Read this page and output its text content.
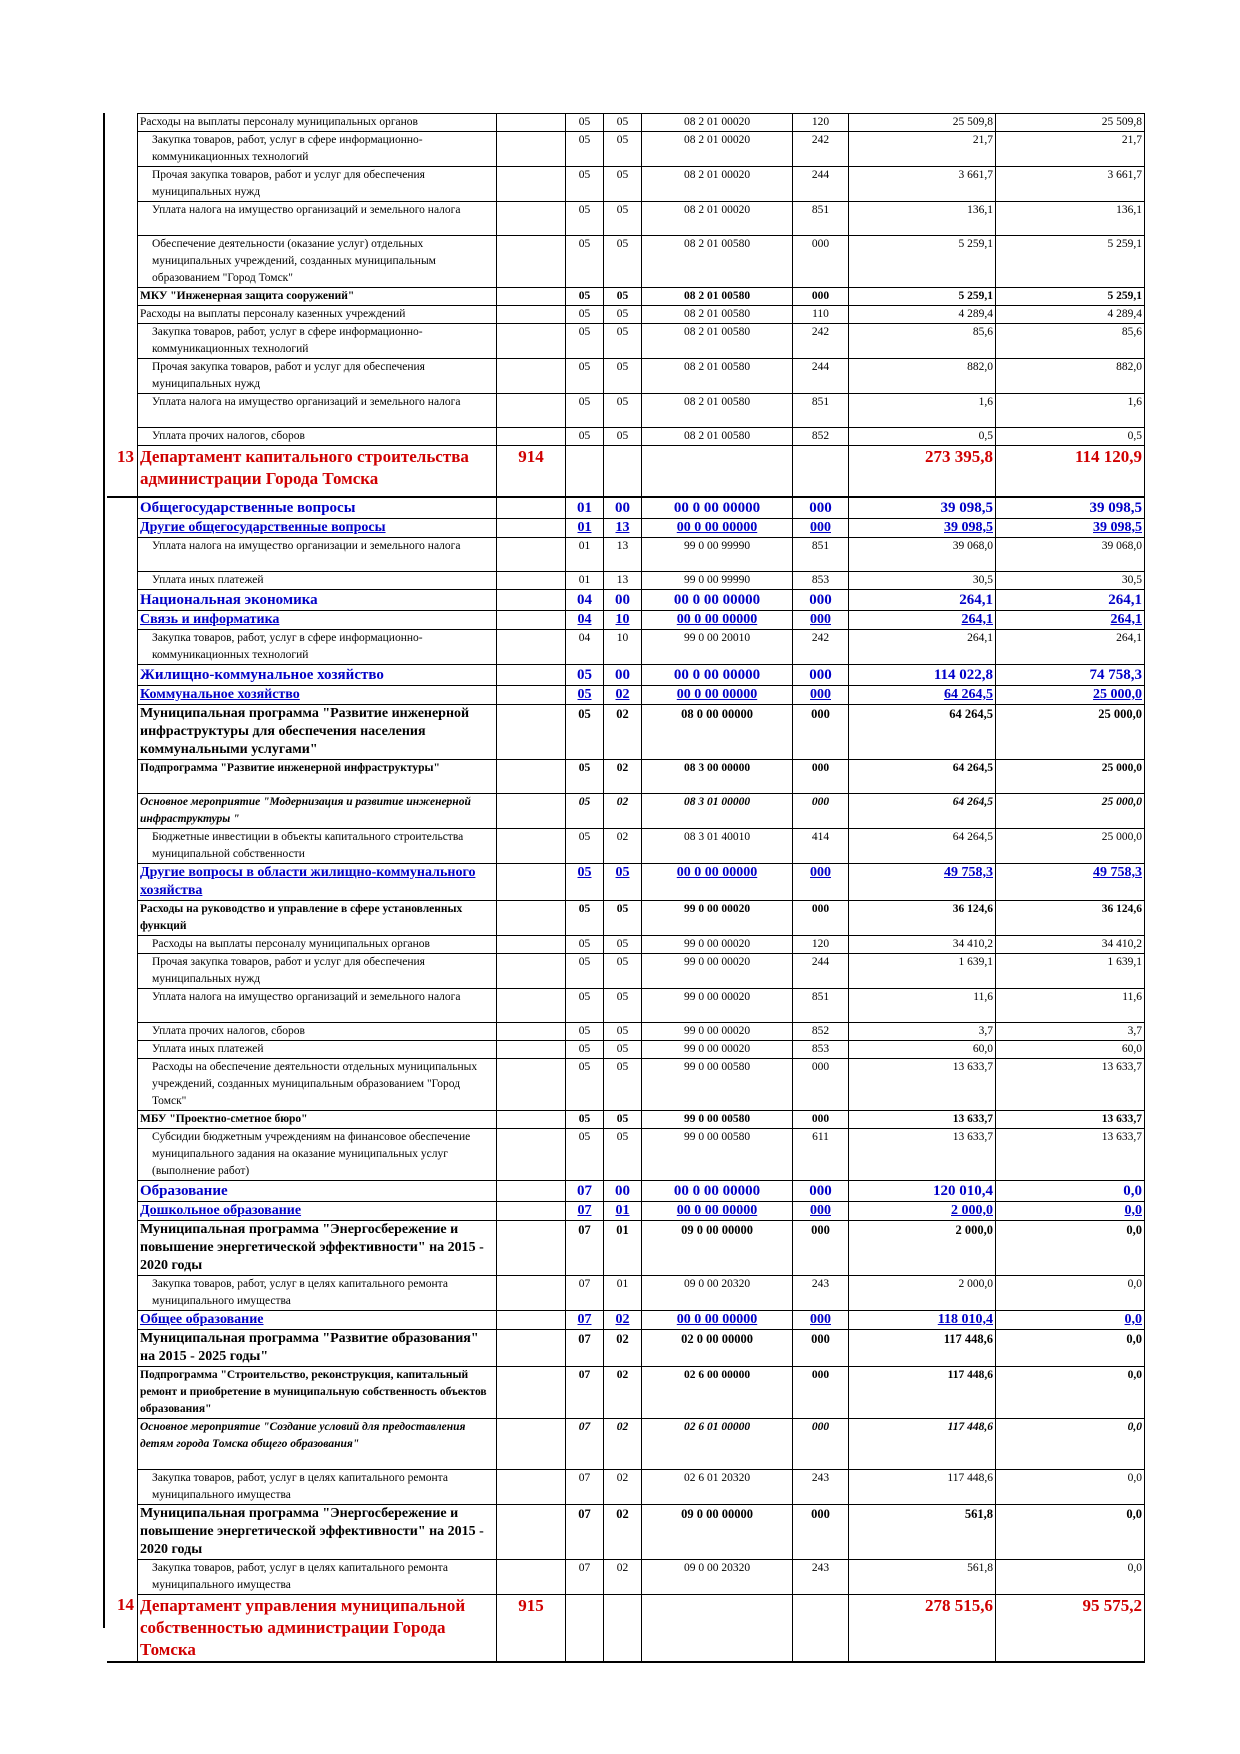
	Расходы на выплаты персоналу муниципальных органов		05	05	08 2 01 00020	120	25 509,8	25 509,8
	Закупка товаров, работ, услуг в сфере информационно-коммуникационных технологий		05	05	08 2 01 00020	242	21,7	21,7
	Прочая закупка товаров, работ и услуг для обеспечения муниципальных нужд		05	05	08 2 01 00020	244	3 661,7	3 661,7
	Уплата налога на имущество организаций и земельного налога		05	05	08 2 01 00020	851	136,1	136,1
	Обеспечение деятельности (оказание услуг) отдельных муниципальных учреждений, созданных муниципальным образованием "Город Томск"		05	05	08 2 01 00580	000	5 259,1	5 259,1
	МКУ "Инженерная защита сооружений"		05	05	08 2 01 00580	000	5 259,1	5 259,1
	Расходы на выплаты персоналу казенных учреждений		05	05	08 2 01 00580	110	4 289,4	4 289,4
	Закупка товаров, работ, услуг в сфере информационно-коммуникационных технологий		05	05	08 2 01 00580	242	85,6	85,6
	Прочая закупка товаров, работ и услуг для обеспечения муниципальных нужд		05	05	08 2 01 00580	244	882,0	882,0
	Уплата налога на имущество организаций и земельного налога		05	05	08 2 01 00580	851	1,6	1,6
	Уплата прочих налогов, сборов		05	05	08 2 01 00580	852	0,5	0,5
13	Департамент капитального строительства администрации Города Томска	914					273 395,8	114 120,9
	Общегосударственные вопросы		01	00	00 0 00 00000	000	39 098,5	39 098,5
	Другие общегосударственные вопросы		01	13	00 0 00 00000	000	39 098,5	39 098,5
	Уплата налога на имущество организации и земельного налога		01	13	99 0 00 99990	851	39 068,0	39 068,0
	Уплата иных платежей		01	13	99 0 00 99990	853	30,5	30,5
	Национальная экономика		04	00	00 0 00 00000	000	264,1	264,1
	Связь и информатика		04	10	00 0 00 00000	000	264,1	264,1
	Закупка товаров, работ, услуг в сфере информационно-коммуникационных технологий		04	10	99 0 00 20010	242	264,1	264,1
	Жилищно-коммунальное хозяйство		05	00	00 0 00 00000	000	114 022,8	74 758,3
	Коммунальное хозяйство		05	02	00 0 00 00000	000	64 264,5	25 000,0
	Муниципальная программа "Развитие инженерной инфраструктуры для обеспечения населения коммунальными услугами"		05	02	08 0 00 00000	000	64 264,5	25 000,0
	Подпрограмма "Развитие инженерной инфраструктуры"		05	02	08 3 00 00000	000	64 264,5	25 000,0
	Основное мероприятие "Модернизация и развитие инженерной инфраструктуры "		05	02	08 3 01 00000	000	64 264,5	25 000,0
	Бюджетные инвестиции в объекты капитального строительства муниципальной собственности		05	02	08 3 01 40010	414	64 264,5	25 000,0
	Другие вопросы в области жилищно-коммунального хозяйства		05	05	00 0 00 00000	000	49 758,3	49 758,3
	Расходы на руководство и управление в сфере установленных функций		05	05	99 0 00 00020	000	36 124,6	36 124,6
	Расходы на выплаты персоналу муниципальных органов		05	05	99 0 00 00020	120	34 410,2	34 410,2
	Прочая закупка товаров, работ и услуг для обеспечения муниципальных нужд		05	05	99 0 00 00020	244	1 639,1	1 639,1
	Уплата налога на имущество организаций и земельного налога		05	05	99 0 00 00020	851	11,6	11,6
	Уплата прочих налогов, сборов		05	05	99 0 00 00020	852	3,7	3,7
	Уплата иных платежей		05	05	99 0 00 00020	853	60,0	60,0
	Расходы на обеспечение деятельности отдельных муниципальных учреждений, созданных муниципальным образованием "Город Томск"		05	05	99 0 00 00580	000	13 633,7	13 633,7
	МБУ "Проектно-сметное бюро"		05	05	99 0 00 00580	000	13 633,7	13 633,7
	Субсидии бюджетным учреждениям на финансовое обеспечение муниципального задания на оказание муниципальных услуг (выполнение работ)		05	05	99 0 00 00580	611	13 633,7	13 633,7
	Образование		07	00	00 0 00 00000	000	120 010,4	0,0
	Дошкольное образование		07	01	00 0 00 00000	000	2 000,0	0,0
	Муниципальная программа "Энергосбережение и повышение энергетической эффективности" на 2015 - 2020 годы		07	01	09 0 00 00000	000	2 000,0	0,0
	Закупка товаров, работ, услуг в целях капитального ремонта муниципального имущества		07	01	09 0 00 20320	243	2 000,0	0,0
	Общее образование		07	02	00 0 00 00000	000	118 010,4	0,0
	Муниципальная программа "Развитие образования" на 2015 - 2025 годы"		07	02	02 0 00 00000	000	117 448,6	0,0
	Подпрограмма "Строительство, реконструкция, капитальный ремонт и приобретение в муниципальную собственность объектов образования"		07	02	02 6 00 00000	000	117 448,6	0,0
	Основное мероприятие "Создание условий для предоставления детям города Томска общего образования"		07	02	02 6 01 00000	000	117 448,6	0,0
	Закупка товаров, работ, услуг в целях капитального ремонта муниципального имущества		07	02	02 6 01 20320	243	117 448,6	0,0
	Муниципальная программа "Энергосбережение и повышение энергетической эффективности" на 2015 - 2020 годы		07	02	09 0 00 00000	000	561,8	0,0
	Закупка товаров, работ, услуг в целях капитального ремонта муниципального имущества		07	02	09 0 00 20320	243	561,8	0,0
14	Департамент управления муниципальной собственностью администрации Города Томска	915					278 515,6	95 575,2
